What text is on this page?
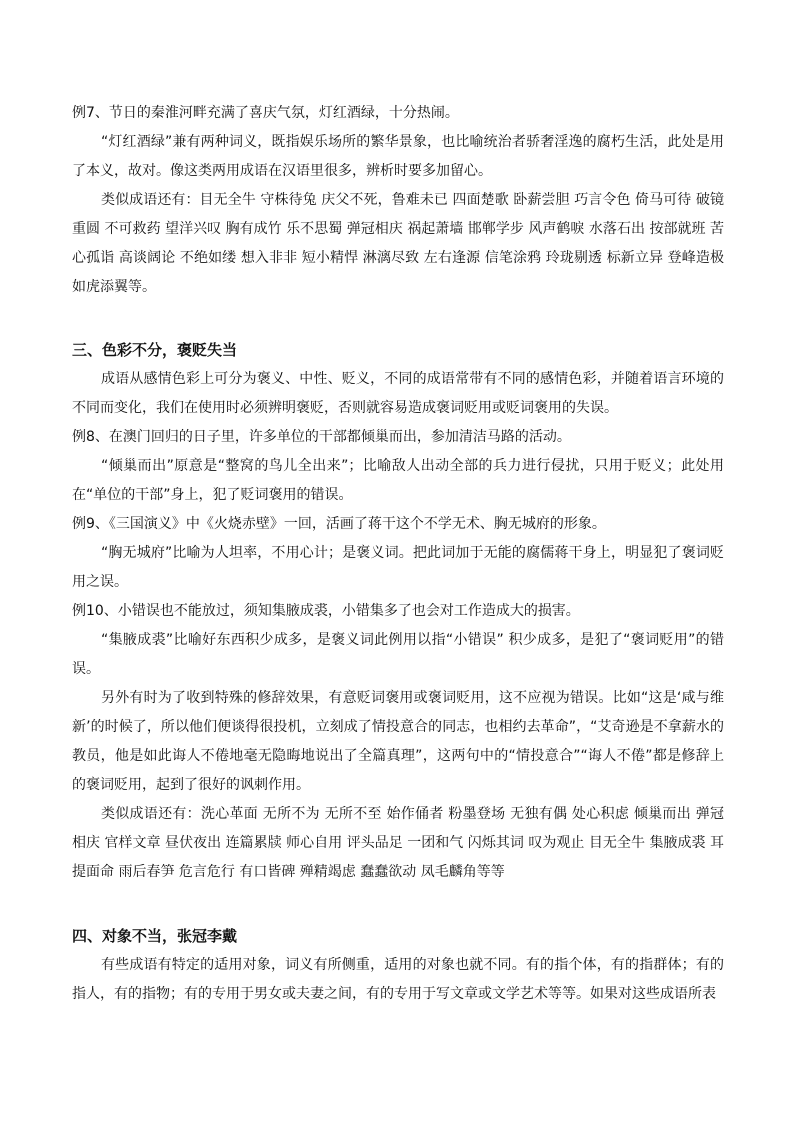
例7、节日的秦淮河畔充满了喜庆气氛，灯红酒绿，十分热闹。
“灯红酒绿”兼有两种词义，既指娱乐场所的繁华景象，也比喻统治者骄奢淫逸的腐朽生活，此处是用了本义，故对。像这类两用成语在汉语里很多，辨析时要多加留心。
类似成语还有：目无全牛 守株待兔 庆父不死，鲁难未已 四面楚歌 卧薪尝胆 巧言令色 倚马可待 破镜重圆 不可救药 望洋兴叹 胸有成竹 乐不思蜀 弹冠相庆 祸起萧墙 邯郸学步 风声鹤唳 水落石出 按部就班 苦心孤诣 高谈阔论 不绝如缕 想入非非 短小精悍 淋漓尽致 左右逢源 信笔涂鸦 玲珑剔透 标新立异 登峰造极 如虎添翼等。
三、色彩不分，褒贬失当
成语从感情色彩上可分为褒义、中性、贬义，不同的成语常带有不同的感情色彩，并随着语言环境的不同而变化，我们在使用时必须辨明褒贬，否则就容易造成褒词贬用或贬词褒用的失误。
例8、在澳门回归的日子里，许多单位的干部都倾巢而出，参加清洁马路的活动。
“倾巢而出”原意是“整窝的鸟儿全出来”；比喻敌人出动全部的兵力进行侵扰，只用于贬义；此处用在“单位的干部”身上，犯了贬词褒用的错误。
例9、《三国演义》中《火烧赤壁》一回，活画了蒋干这个不学无术、胸无城府的形象。
“胸无城府”比喻为人坦率，不用心计；是褒义词。把此词加于无能的腐儒蒋干身上，明显犯了褒词贬用之误。
例10、小错误也不能放过，须知集腋成裘，小错集多了也会对工作造成大的损害。
“集腋成裘”比喻好东西积少成多，是褒义词此例用以指“小错误” 积少成多，是犯了“褒词贬用”的错误。
另外有时为了收到特殊的修辞效果，有意贬词褒用或褒词贬用，这不应视为错误。比如“这是‘咸与维新’的时候了，所以他们便谈得很投机，立刻成了情投意合的同志，也相约去革命”，“艾奇逊是不拿薪水的教员，他是如此诲人不倦地毫无隐晦地说出了全篇真理”，这两句中的“情投意合”“诲人不倦”都是修辞上的褒词贬用，起到了很好的讽刺作用。
类似成语还有：洗心革面 无所不为 无所不至 始作俑者 粉墨登场 无独有偶 处心积虑 倾巢而出 弹冠相庆 官样文章 昼伏夜出 连篇累牍 师心自用 评头品足 一团和气 闪烁其词 叹为观止 目无全牛 集腋成裘 耳提面命 雨后春笋 危言危行 有口皆碑 殚精竭虑 蠢蠢欲动 凤毛麟角等等
四、对象不当，张冠李戴
有些成语有特定的适用对象，词义有所侧重，适用的对象也就不同。有的指个体，有的指群体；有的指人，有的指物；有的专用于男女或夫妻之间，有的专用于写文章或文学艺术等等。如果对这些成语所表
